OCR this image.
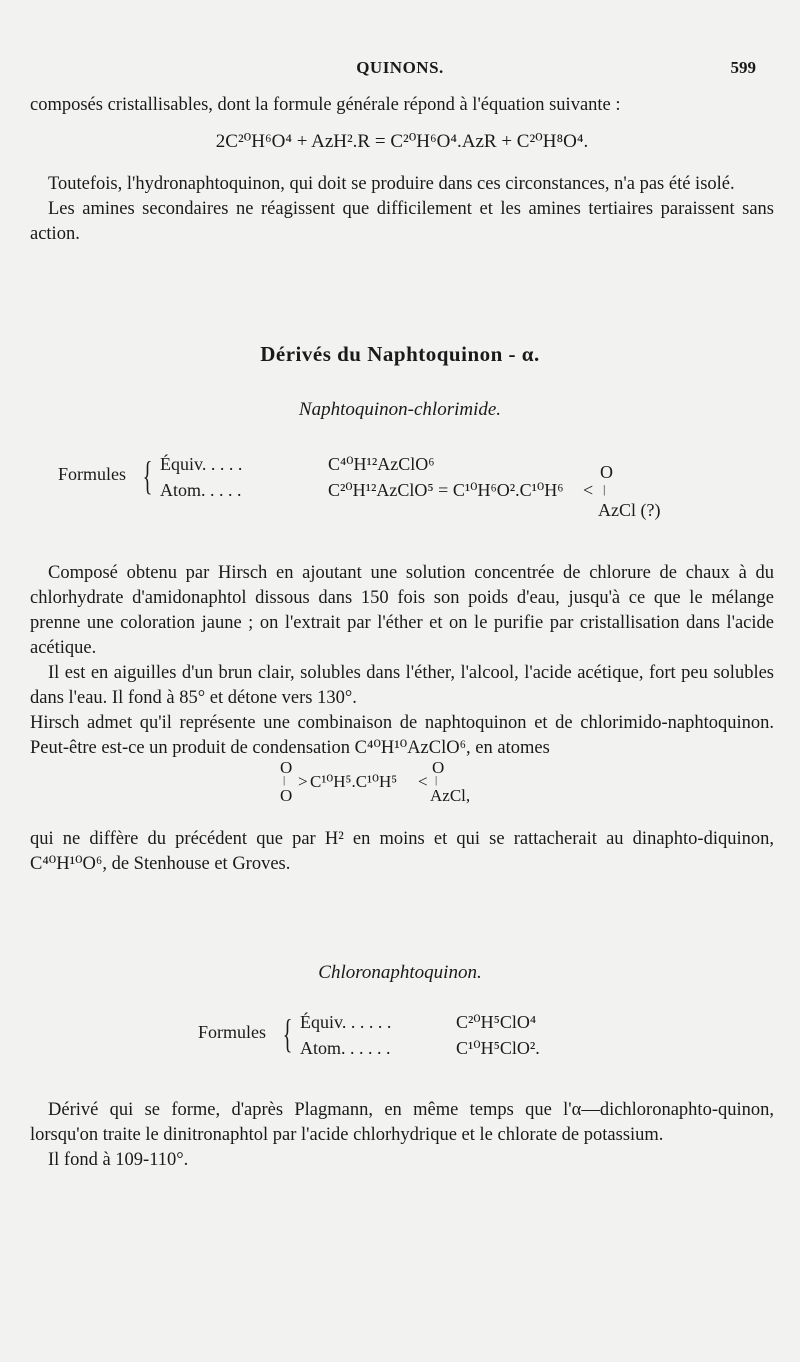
QUINONS.	599

composés cristallisables, dont la formule générale répond à l'équation suivante :

2C²⁰H⁶O⁴ + AzH².R = C²⁰H⁶O⁴.AzR + C²⁰H⁸O⁴.

Toutefois, l'hydronaphtoquinon, qui doit se produire dans ces circonstances, n'a pas été isolé.

Les amines secondaires ne réagissent que difficilement et les amines tertiaires paraissent sans action.

Dérivés du Naphtoquinon - α.
Naphtoquinon-chlorimide.
Formules { Équiv. . . . .	C⁴⁰H¹²AzClO⁶
Atom. . . . .	C²⁰H¹²AzClO⁵ = C¹⁰H⁶O².C¹⁰H⁶ <
O
|
AzCl (?)

Composé obtenu par Hirsch en ajoutant une solution concentrée de chlorure de chaux à du chlorhydrate d'amidonaphtol dissous dans 150 fois son poids d'eau, jusqu'à ce que le mélange prenne une coloration jaune ; on l'extrait par l'éther et on le purifie par cristallisation dans l'acide acétique.

Il est en aiguilles d'un brun clair, solubles dans l'éther, l'alcool, l'acide acétique, fort peu solubles dans l'eau. Il fond à 85° et détone vers 130°.

Hirsch admet qu'il représente une combinaison de naphtoquinon et de chlorimido-naphtoquinon. Peut-être est-ce un produit de condensation C⁴⁰H¹⁰AzClO⁶, en atomes

O
|
O
> C¹⁰H⁵.C¹⁰H⁵ <
O
|
AzCl,

qui ne diffère du précédent que par H² en moins et qui se rattacherait au dinaphto-diquinon, C⁴⁰H¹⁰O⁶, de Stenhouse et Groves.

Chloronaphtoquinon.
Formules { Équiv. . . . . .	C²⁰H⁵ClO⁴
Atom. . . . . .	C¹⁰H⁵ClO².

Dérivé qui se forme, d'après Plagmann, en même temps que l'α—dichloronaphto-quinon, lorsqu'on traite le dinitronaphtol par l'acide chlorhydrique et le chlorate de potassium.

Il fond à 109-110°.
